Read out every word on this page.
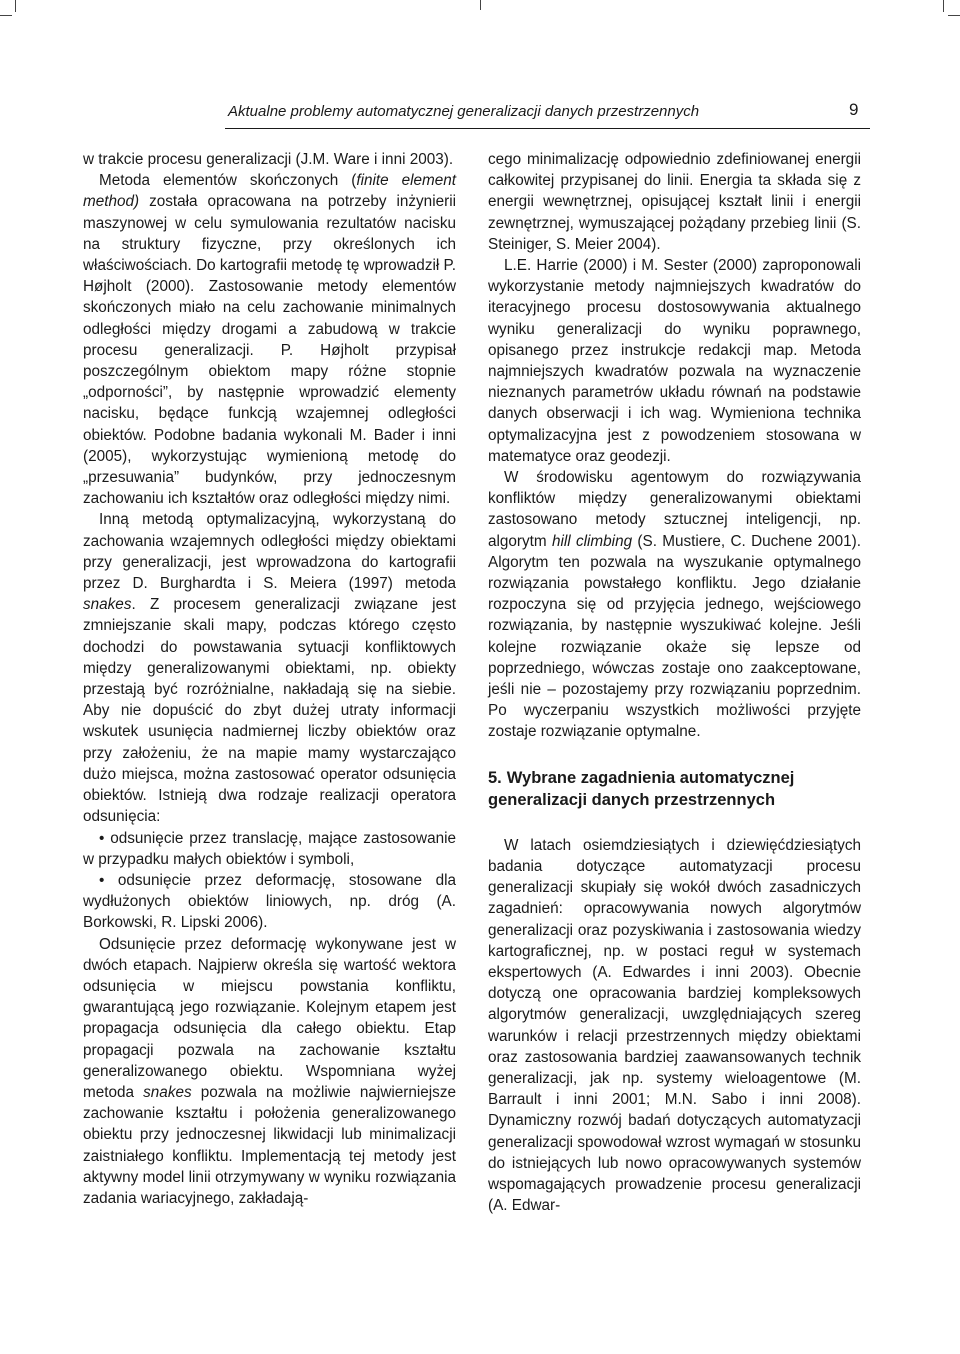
Aktualne problemy automatycznej generalizacji danych przestrzennych	9

w trakcie procesu generalizacji (J.M. Ware i inni 2003).

Metoda elementów skończonych (finite element method) została opracowana na potrzeby inżynierii maszynowej w celu symulowania rezultatów nacisku na struktury fizyczne, przy określonych ich właściwościach. Do kartografii metodę tę wprowadził P. Højholt (2000). Zastosowanie metody elementów skończonych miało na celu zachowanie minimalnych odległości między drogami a zabudową w trakcie procesu generalizacji. P. Højholt przypisał poszczególnym obiektom mapy różne stopnie „odporności”, by następnie wprowadzić elementy nacisku, będące funkcją wzajemnej odległości obiektów. Podobne badania wykonali M. Bader i inni (2005), wykorzystując wymienioną metodę do „przesuwania” budynków, przy jednoczesnym zachowaniu ich kształtów oraz odległości między nimi.

Inną metodą optymalizacyjną, wykorzystaną do zachowania wzajemnych odległości między obiektami przy generalizacji, jest wprowadzona do kartografii przez D. Burghardta i S. Meiera (1997) metoda snakes. Z procesem generalizacji związane jest zmniejszanie skali mapy, podczas którego często dochodzi do powstawania sytuacji konfliktowych między generalizowanymi obiektami, np. obiekty przestają być rozróżnialne, nakładają się na siebie. Aby nie dopuścić do zbyt dużej utraty informacji wskutek usunięcia nadmiernej liczby obiektów oraz przy założeniu, że na mapie mamy wystarczająco dużo miejsca, można zastosować operator odsunięcia obiektów. Istnieją dwa rodzaje realizacji operatora odsunięcia:

• odsunięcie przez translację, mające zastosowanie w przypadku małych obiektów i symboli,

• odsunięcie przez deformację, stosowane dla wydłużonych obiektów liniowych, np. dróg (A. Borkowski, R. Lipski 2006).

Odsunięcie przez deformację wykonywane jest w dwóch etapach. Najpierw określa się wartość wektora odsunięcia w miejscu powstania konfliktu, gwarantującą jego rozwiązanie. Kolejnym etapem jest propagacja odsunięcia dla całego obiektu. Etap propagacji pozwala na zachowanie kształtu generalizowanego obiektu. Wspomniana wyżej metoda snakes pozwala na możliwie najwierniejsze zachowanie kształtu i położenia generalizowanego obiektu przy jednoczesnej likwidacji lub minimalizacji zaistniałego konfliktu. Implementacją tej metody jest aktywny model linii otrzymywany w wyniku rozwiązania zadania wariacyjnego, zakładają-

cego minimalizację odpowiednio zdefiniowanej energii całkowitej przypisanej do linii. Energia ta składa się z energii wewnętrznej, opisującej kształt linii i energii zewnętrznej, wymuszającej pożądany przebieg linii (S. Steiniger, S. Meier 2004).

L.E. Harrie (2000) i M. Sester (2000) zaproponowali wykorzystanie metody najmniejszych kwadratów do iteracyjnego procesu dostosowywania aktualnego wyniku generalizacji do wyniku poprawnego, opisanego przez instrukcje redakcji map. Metoda najmniejszych kwadratów pozwala na wyznaczenie nieznanych parametrów układu równań na podstawie danych obserwacji i ich wag. Wymieniona technika optymalizacyjna jest z powodzeniem stosowana w matematyce oraz geodezji.

W środowisku agentowym do rozwiązywania konfliktów między generalizowanymi obiektami zastosowano metody sztucznej inteligencji, np. algorytm hill climbing (S. Mustiere, C. Duchene 2001). Algorytm ten pozwala na wyszukanie optymalnego rozwiązania powstałego konfliktu. Jego działanie rozpoczyna się od przyjęcia jednego, wejściowego rozwiązania, by następnie wyszukiwać kolejne. Jeśli kolejne rozwiązanie okaże się lepsze od poprzedniego, wówczas zostaje ono zaakceptowane, jeśli nie – pozostajemy przy rozwiązaniu poprzednim. Po wyczerpaniu wszystkich możliwości przyjęte zostaje rozwiązanie optymalne.

5. Wybrane zagadnienia automatycznej generalizacji danych przestrzennych

W latach osiemdziesiątych i dziewięćdziesiątych badania dotyczące automatyzacji procesu generalizacji skupiały się wokół dwóch zasadniczych zagadnień: opracowywania nowych algorytmów generalizacji oraz pozyskiwania i zastosowania wiedzy kartograficznej, np. w postaci reguł w systemach ekspertowych (A. Edwardes i inni 2003). Obecnie dotyczą one opracowania bardziej kompleksowych algorytmów generalizacji, uwzględniających szereg warunków i relacji przestrzennych między obiektami oraz zastosowania bardziej zaawansowanych technik generalizacji, jak np. systemy wieloagentowe (M. Barrault i inni 2001; M.N. Sabo i inni 2008). Dynamiczny rozwój badań dotyczących automatyzacji generalizacji spowodował wzrost wymagań w stosunku do istniejących lub nowo opracowywanych systemów wspomagających prowadzenie procesu generalizacji (A. Edwar-
